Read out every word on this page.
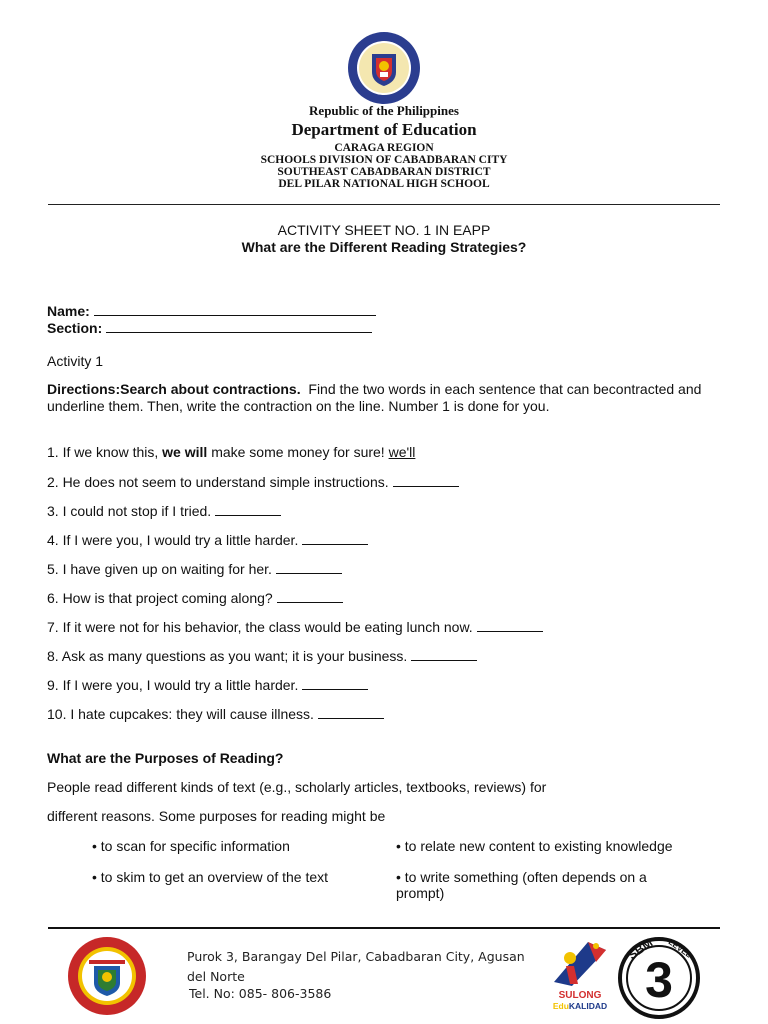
Republic of the Philippines
Department of Education
CARAGA REGION
SCHOOLS DIVISION OF CABADBARAN CITY
SOUTHEAST CABADBARAN DISTRICT
DEL PILAR NATIONAL HIGH SCHOOL
ACTIVITY SHEET NO. 1 IN EAPP
What are the Different Reading Strategies?
Name:
Section:
Activity 1
Directions:Search about contractions. Find the two words in each sentence that can becontracted and underline them. Then, write the contraction on the line. Number 1 is done for you.
1. If we know this, we will make some money for sure! we'll
2. He does not seem to understand simple instructions.
3. I could not stop if I tried.
4. If I were you, I would try a little harder.
5. I have given up on waiting for her.
6. How is that project coming along?
7. If it were not for his behavior, the class would be eating lunch now.
8. Ask as many questions as you want; it is your business.
9. If I were you, I would try a little harder.
10. I hate cupcakes: they will cause illness.
What are the Purposes of Reading?
People read different kinds of text (e.g., scholarly articles, textbooks, reviews) for
different reasons. Some purposes for reading might be
• to scan for specific information	• to relate new content to existing knowledge
• to skim to get an overview of the text	• to write something (often depends on a prompt)
Purok 3, Barangay Del Pilar, Cabadbaran City, Agusan del Norte
Tel. No: 085- 806-3586	SULONG
EduKALIDAD
SBM LEVEL
3
